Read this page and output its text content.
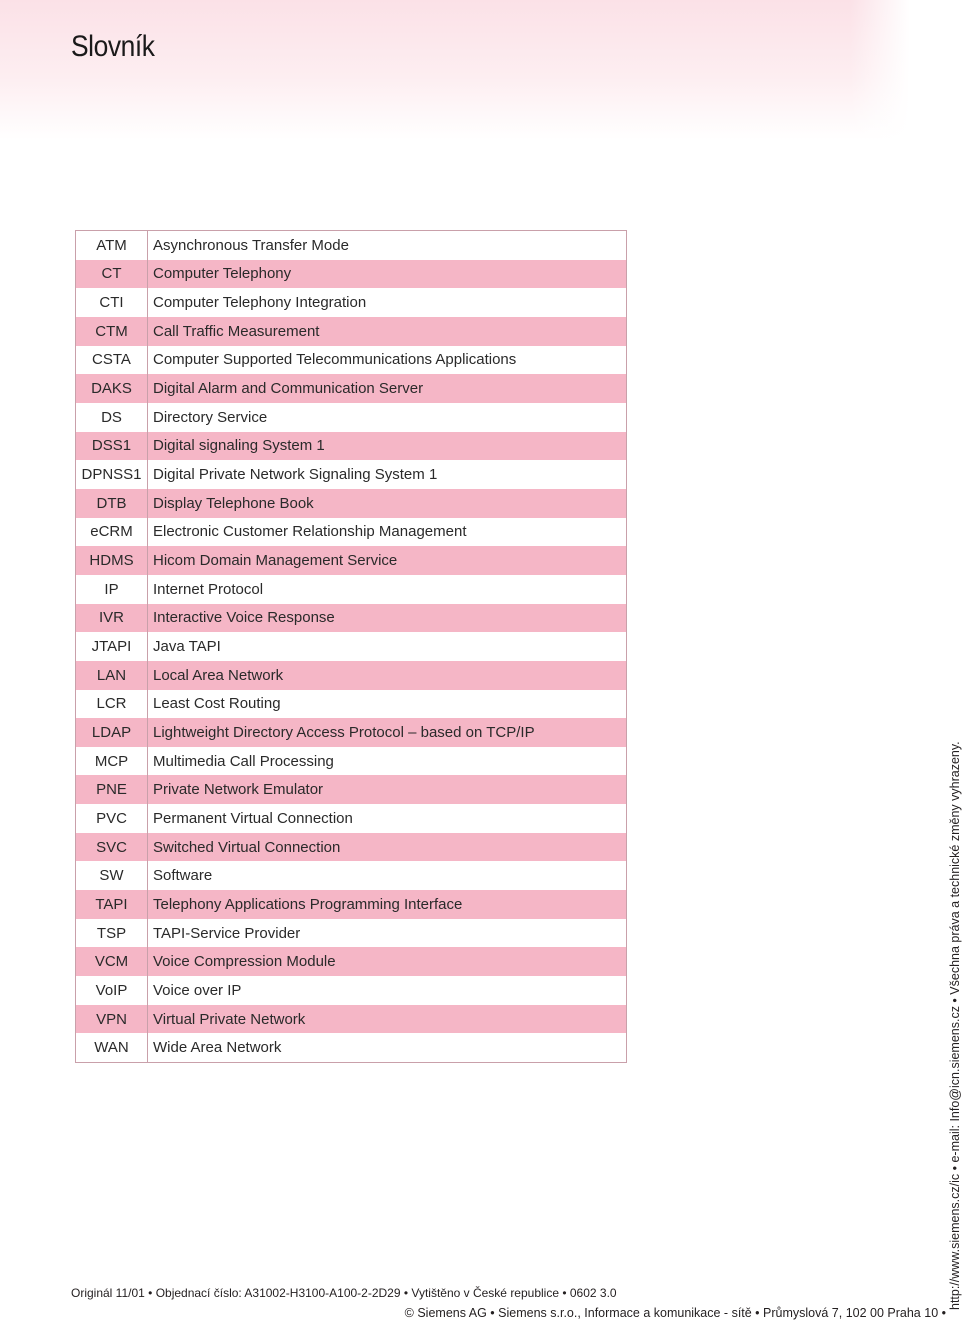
Slovník
ATM	Asynchronous Transfer Mode
CT	Computer Telephony
CTI	Computer Telephony Integration
CTM	Call Traffic Measurement
CSTA	Computer Supported Telecommunications Applications
DAKS	Digital Alarm and Communication Server
DS	Directory Service
DSS1	Digital signaling System 1
DPNSS1	Digital Private Network Signaling System 1
DTB	Display Telephone Book
eCRM	Electronic Customer Relationship Management
HDMS	Hicom Domain Management Service
IP	Internet Protocol
IVR	Interactive Voice Response
JTAPI	Java TAPI
LAN	Local Area Network
LCR	Least Cost Routing
LDAP	Lightweight Directory Access Protocol – based on TCP/IP
MCP	Multimedia Call Processing
PNE	Private Network Emulator
PVC	Permanent Virtual Connection
SVC	Switched Virtual Connection
SW	Software
TAPI	Telephony Applications Programming Interface
TSP	TAPI-Service Provider
VCM	Voice Compression Module
VoIP	Voice over IP
VPN	Virtual Private Network
WAN	Wide Area Network
Originál 11/01 • Objednací číslo: A31002-H3100-A100-2-2D29 • Vytištěno v České republice • 0602 3.0
© Siemens AG • Siemens s.r.o., Informace a komunikace - sítě • Průmyslová 7, 102 00 Praha 10 •
http://www.siemens.cz/ic • e-mail: Info@icn.siemens.cz • Všechna práva a technické změny vyhrazeny.
